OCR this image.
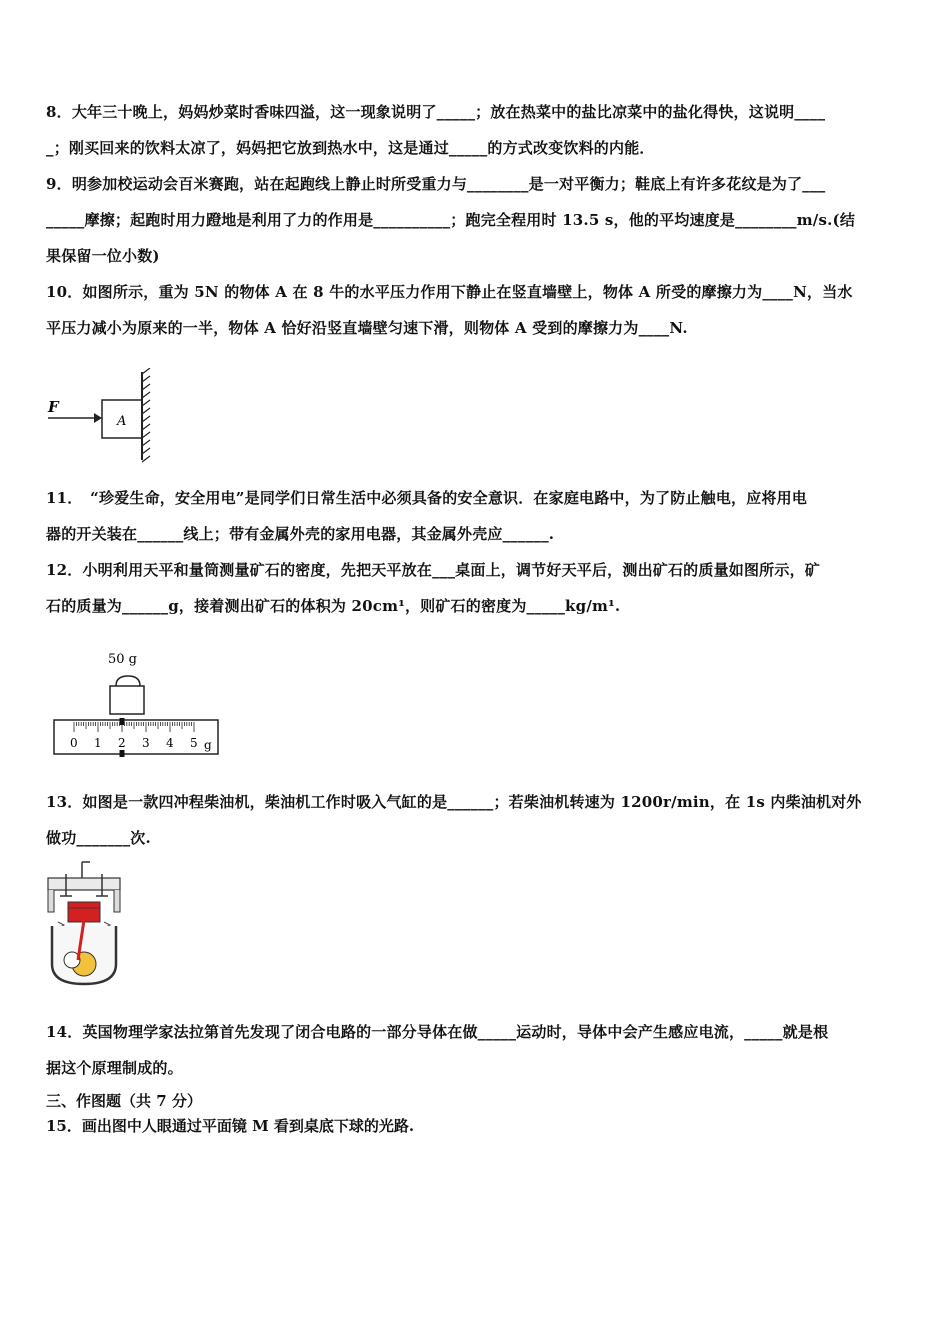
8．大年三十晚上，妈妈炒菜时香味四溢，这一现象说明了_____；放在热菜中的盐比凉菜中的盐化得快，这说明____
_；刚买回来的饮料太凉了，妈妈把它放到热水中，这是通过_____的方式改变饮料的内能．
9．明参加校运动会百米赛跑，站在起跑线上静止时所受重力与________是一对平衡力；鞋底上有许多花纹是为了___
_____摩擦；起跑时用力蹬地是利用了力的作用是__________；跑完全程用时 13.5 s，他的平均速度是________m/s.(结
果保留一位小数)
10．如图所示，重为 5N 的物体 A 在 8 牛的水平压力作用下静止在竖直墙壁上，物体 A 所受的摩擦力为____N，当水
平压力减小为原来的一半，物体 A 恰好沿竖直墙壁匀速下滑，则物体 A 受到的摩擦力为____N.
F
A
11．　“珍爱生命，安全用电”是同学们日常生活中必须具备的安全意识．在家庭电路中，为了防止触电，应将用电
器的开关装在______线上；带有金属外壳的家用电器，其金属外壳应______.
12．小明利用天平和量筒测量矿石的密度，先把天平放在___桌面上，调节好天平后，测出矿石的质量如图所示，矿
石的质量为______g，接着测出矿石的体积为 20cm¹，则矿石的密度为_____kg/m¹.
50 g
0 1 2 3 4 5 g
13．如图是一款四冲程柴油机，柴油机工作时吸入气缸的是______；若柴油机转速为 1200r/min，在 1s 内柴油机对外
做功_______次.
14．英国物理学家法拉第首先发现了闭合电路的一部分导体在做_____运动时，导体中会产生感应电流，_____就是根
据这个原理制成的。
三、作图题（共 7 分）
15．画出图中人眼通过平面镜 M 看到桌底下球的光路.
